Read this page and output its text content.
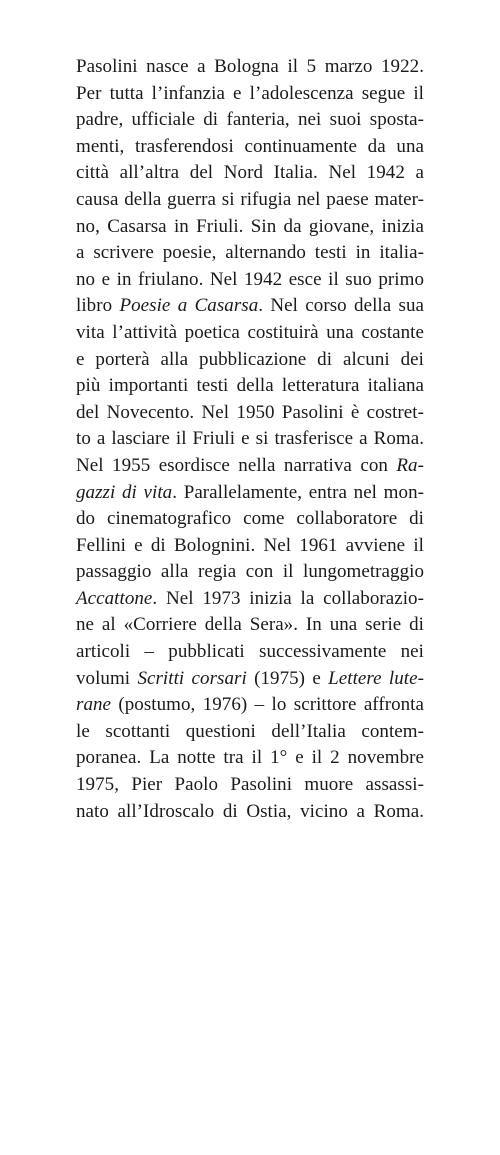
Pasolini nasce a Bologna il 5 marzo 1922.
Per tutta l’infanzia e l’adolescenza segue il
padre, ufficiale di fanteria, nei suoi sposta-
menti, trasferendosi continuamente da una
città all’altra del Nord Italia. Nel 1942 a
causa della guerra si rifugia nel paese mater-
no, Casarsa in Friuli. Sin da giovane, inizia
a scrivere poesie, alternando testi in italia-
no e in friulano. Nel 1942 esce il suo primo
libro Poesie a Casarsa. Nel corso della sua
vita l’attività poetica costituirà una costante
e porterà alla pubblicazione di alcuni dei
più importanti testi della letteratura italiana
del Novecento. Nel 1950 Pasolini è costret-
to a lasciare il Friuli e si trasferisce a Roma.
Nel 1955 esordisce nella narrativa con Ra-
gazzi di vita. Parallelamente, entra nel mon-
do cinematografico come collaboratore di
Fellini e di Bolognini. Nel 1961 avviene il
passaggio alla regia con il lungometraggio
Accattone. Nel 1973 inizia la collaborazio-
ne al «Corriere della Sera». In una serie di
articoli – pubblicati successivamente nei
volumi Scritti corsari (1975) e Lettere lute-
rane (postumo, 1976) – lo scrittore affronta
le scottanti questioni dell’Italia contem-
poranea. La notte tra il 1° e il 2 novembre
1975, Pier Paolo Pasolini muore assassi-
nato all’Idroscalo di Ostia, vicino a Roma.
